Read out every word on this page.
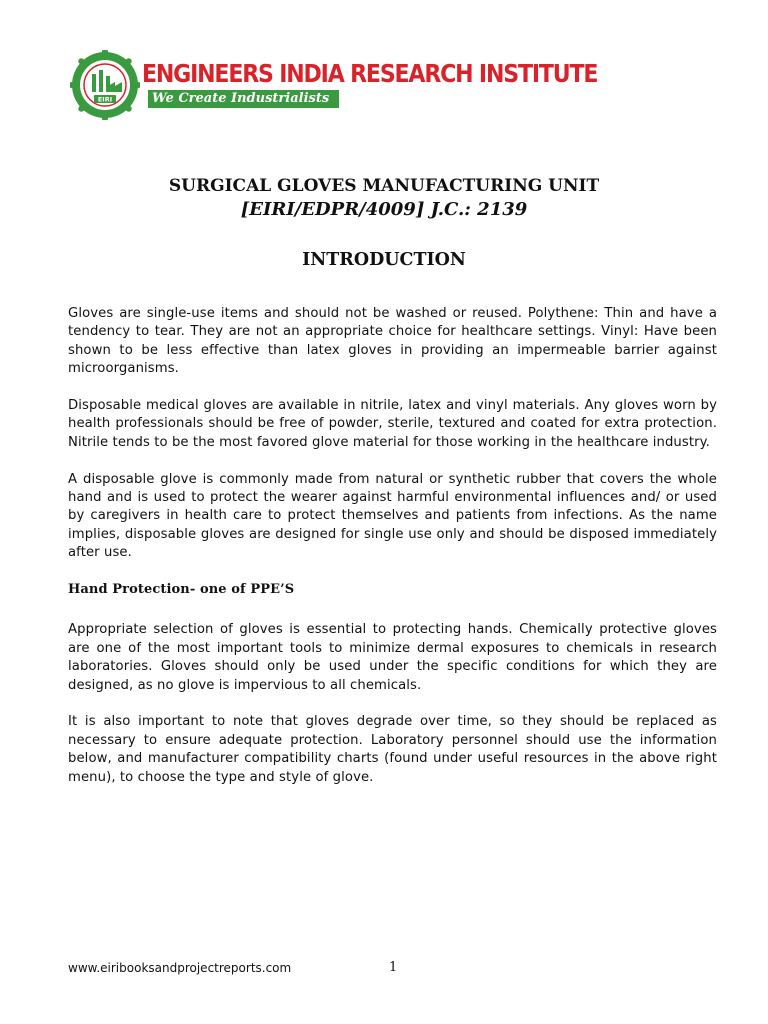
EIRI
ENGINEERS INDIA RESEARCH INSTITUTE
We Create Industrialists
SURGICAL GLOVES MANUFACTURING UNIT
[EIRI/EDPR/4009] J.C.: 2139
INTRODUCTION

Gloves are single-use items and should not be washed or reused. Polythene: Thin and have a tendency to tear. They are not an appropriate choice for healthcare settings. Vinyl: Have been shown to be less effective than latex gloves in providing an impermeable barrier against microorganisms.

Disposable medical gloves are available in nitrile, latex and vinyl materials. Any gloves worn by health professionals should be free of powder, sterile, textured and coated for extra protection. Nitrile tends to be the most favored glove material for those working in the healthcare industry.

A disposable glove is commonly made from natural or synthetic rubber that covers the whole hand and is used to protect the wearer against harmful environmental influences and/ or used by caregivers in health care to protect themselves and patients from infections. As the name implies, disposable gloves are designed for single use only and should be disposed immediately after use.

Hand Protection- one of PPE’S

Appropriate selection of gloves is essential to protecting hands. Chemically protective gloves are one of the most important tools to minimize dermal exposures to chemicals in research laboratories. Gloves should only be used under the specific conditions for which they are designed, as no glove is impervious to all chemicals.

It is also important to note that gloves degrade over time, so they should be replaced as necessary to ensure adequate protection. Laboratory personnel should use the information below, and manufacturer compatibility charts (found under useful resources in the above right menu), to choose the type and style of glove.

www.eiribooksandprojectreports.com	1
